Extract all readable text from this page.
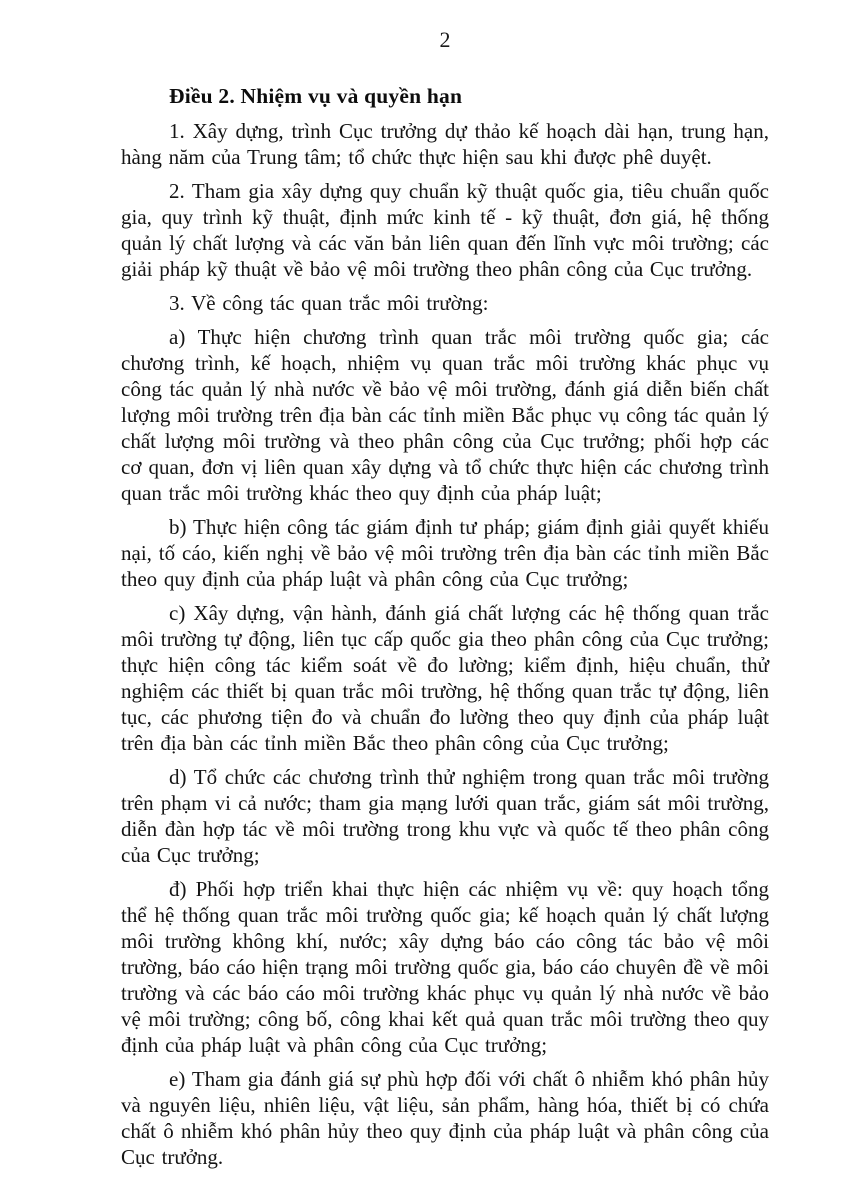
2
Điều 2. Nhiệm vụ và quyền hạn

1. Xây dựng, trình Cục trưởng dự thảo kế hoạch dài hạn, trung hạn, hàng năm của Trung tâm; tổ chức thực hiện sau khi được phê duyệt.

2. Tham gia xây dựng quy chuẩn kỹ thuật quốc gia, tiêu chuẩn quốc gia, quy trình kỹ thuật, định mức kinh tế - kỹ thuật, đơn giá, hệ thống quản lý chất lượng và các văn bản liên quan đến lĩnh vực môi trường; các giải pháp kỹ thuật về bảo vệ môi trường theo phân công của Cục trưởng.

3. Về công tác quan trắc môi trường:

a) Thực hiện chương trình quan trắc môi trường quốc gia; các chương trình, kế hoạch, nhiệm vụ quan trắc môi trường khác phục vụ công tác quản lý nhà nước về bảo vệ môi trường, đánh giá diễn biến chất lượng môi trường trên địa bàn các tỉnh miền Bắc phục vụ công tác quản lý chất lượng môi trường và theo phân công của Cục trưởng; phối hợp các cơ quan, đơn vị liên quan xây dựng và tổ chức thực hiện các chương trình quan trắc môi trường khác theo quy định của pháp luật;

b) Thực hiện công tác giám định tư pháp; giám định giải quyết khiếu nại, tố cáo, kiến nghị về bảo vệ môi trường trên địa bàn các tỉnh miền Bắc theo quy định của pháp luật và phân công của Cục trưởng;

c) Xây dựng, vận hành, đánh giá chất lượng các hệ thống quan trắc môi trường tự động, liên tục cấp quốc gia theo phân công của Cục trưởng; thực hiện công tác kiểm soát về đo lường; kiểm định, hiệu chuẩn, thử nghiệm các thiết bị quan trắc môi trường, hệ thống quan trắc tự động, liên tục, các phương tiện đo và chuẩn đo lường theo quy định của pháp luật trên địa bàn các tỉnh miền Bắc theo phân công của Cục trưởng;

d) Tổ chức các chương trình thử nghiệm trong quan trắc môi trường trên phạm vi cả nước; tham gia mạng lưới quan trắc, giám sát môi trường, diễn đàn hợp tác về môi trường trong khu vực và quốc tế theo phân công của Cục trưởng;

đ) Phối hợp triển khai thực hiện các nhiệm vụ về: quy hoạch tổng thể hệ thống quan trắc môi trường quốc gia; kế hoạch quản lý chất lượng môi trường không khí, nước; xây dựng báo cáo công tác bảo vệ môi trường, báo cáo hiện trạng môi trường quốc gia, báo cáo chuyên đề về môi trường và các báo cáo môi trường khác phục vụ quản lý nhà nước về bảo vệ môi trường; công bố, công khai kết quả quan trắc môi trường theo quy định của pháp luật và phân công của Cục trưởng;

e) Tham gia đánh giá sự phù hợp đối với chất ô nhiễm khó phân hủy và nguyên liệu, nhiên liệu, vật liệu, sản phẩm, hàng hóa, thiết bị có chứa chất ô nhiễm khó phân hủy theo quy định của pháp luật và phân công của Cục trưởng.
